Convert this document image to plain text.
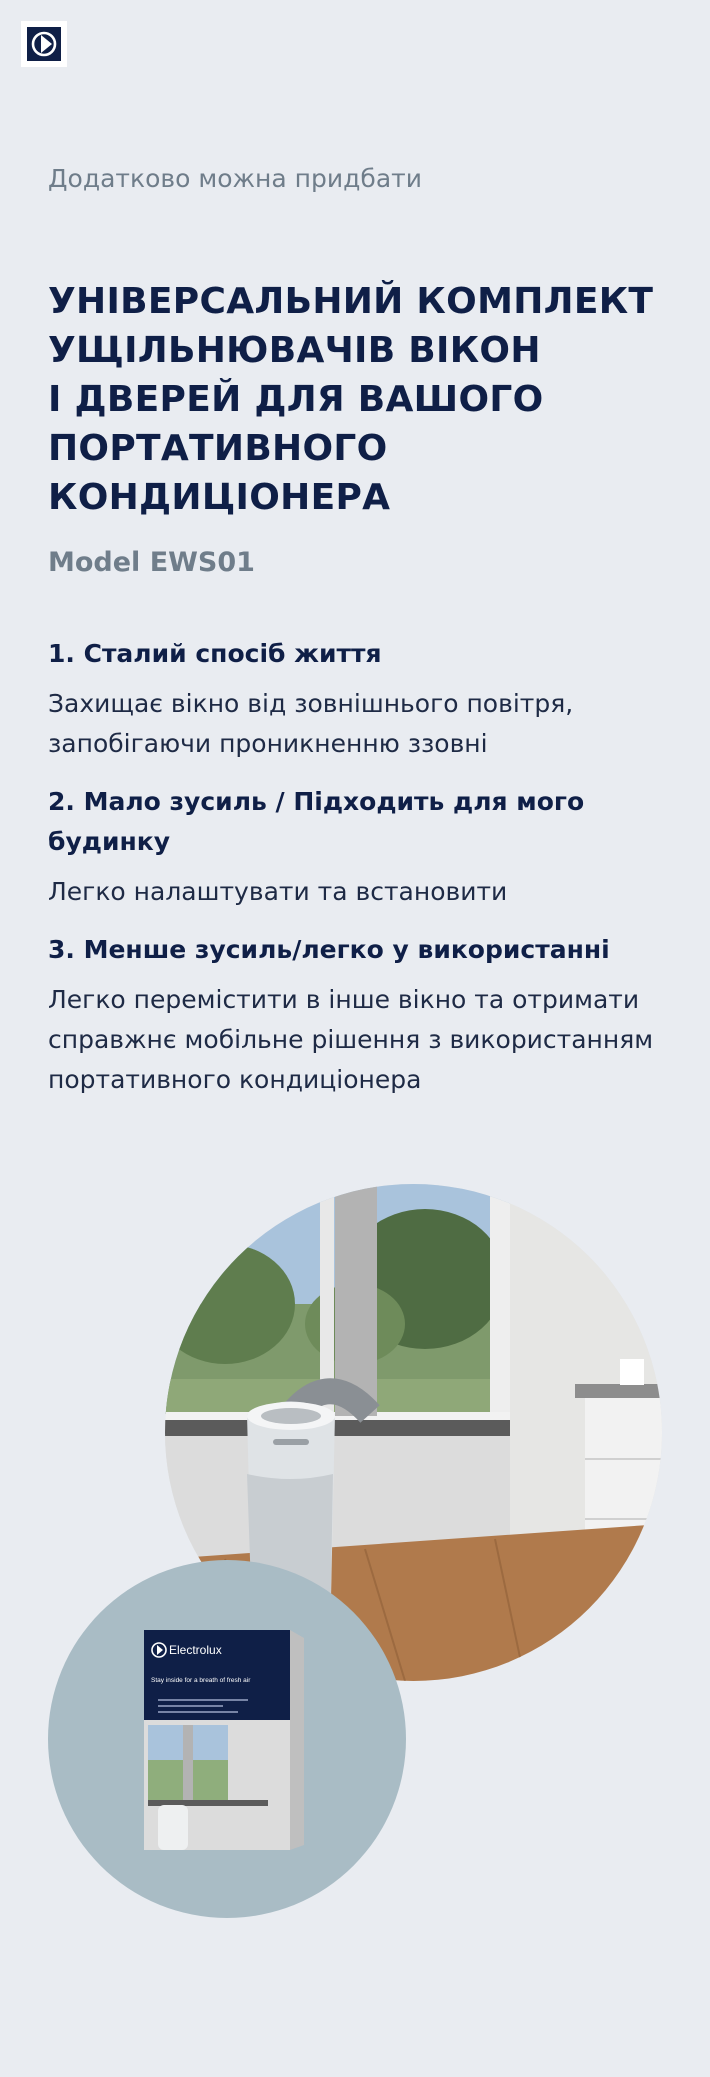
Додатково можна придбати
УНІВЕРСАЛЬНИЙ КОМПЛЕКТ
УЩІЛЬНЮВАЧІВ ВІКОН
І ДВЕРЕЙ ДЛЯ ВАШОГО
ПОРТАТИВНОГО
КОНДИЦІОНЕРА
Model EWS01

1. Сталий спосіб життя

Захищає вікно від зовнішнього повітря, запобігаючи проникненню ззовні

2. Мало зусиль / Підходить для мого будинку

Легко налаштувати та встановити

3. Менше зусиль/легко у використанні

Легко перемістити в інше вікно та отримати справжнє мобільне рішення з використанням портативного кондиціонера

Electrolux
Stay inside for a breath of fresh air
